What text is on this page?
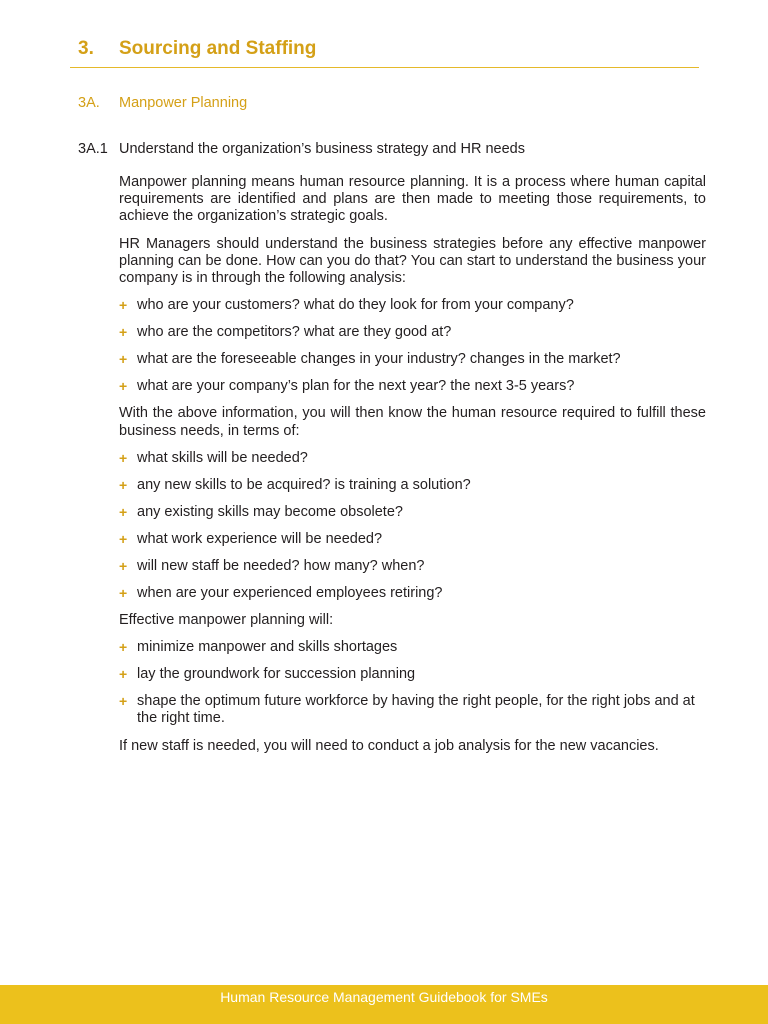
3.	Sourcing and Staffing
3A.	Manpower Planning
3A.1 Understand the organization’s business strategy and HR needs

Manpower planning means human resource planning. It is a process where human capital requirements are identified and plans are then made to meeting those requirements, to achieve the organization’s strategic goals.

HR Managers should understand the business strategies before any effective manpower planning can be done. How can you do that? You can start to understand the business your company is in through the following analysis:

+ who are your customers? what do they look for from your company?
+ who are the competitors? what are they good at?
+ what are the foreseeable changes in your industry? changes in the market?
+ what are your company’s plan for the next year? the next 3-5 years?

With the above information, you will then know the human resource required to fulfill these business needs, in terms of:

+ what skills will be needed?
+ any new skills to be acquired? is training a solution?
+ any existing skills may become obsolete?
+ what work experience will be needed?
+ will new staff be needed? how many? when?
+ when are your experienced employees retiring?

Effective manpower planning will:

+ minimize manpower and skills shortages
+ lay the groundwork for succession planning
+ shape the optimum future workforce by having the right people, for the right jobs and at the right time.

If new staff is needed, you will need to conduct a job analysis for the new vacancies.

Human Resource Management Guidebook for SMEs
